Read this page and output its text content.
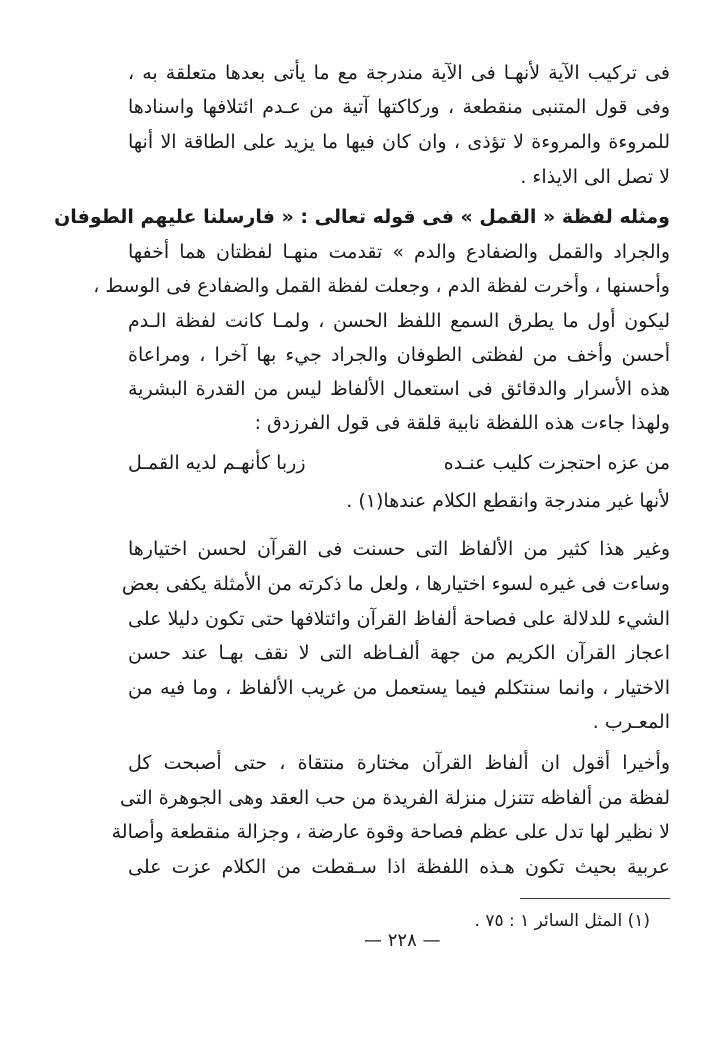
فى تركيب الآية لأنهـا فى الآية مندرجة مع ما يأتى بعدها متعلقة به ،
وفى قول المتنبى منقطعة ، وركاكتها آتية من عـدم ائتلافها واسنادها
للمروءة والمروءة لا تؤذى ، وان كان فيها ما يزيد على الطاقة الا أنها
لا تصل الى الايذاء .
ومثله لفظة « القمل » فى قوله تعالى : « فارسلنا عليهم الطوفان
والجراد والقمل والضفادع والدم » تقدمت منهـا لفظتان هما أخفها
وأحسنها ، وأخرت لفظة الدم ، وجعلت لفظة القمل والضفادع فى الوسط ،
ليكون أول ما يطرق السمع اللفظ الحسن ، ولمـا كانت لفظة الـدم
أحسن وأخف من لفظتى الطوفان والجراد جيء بها آخرا ، ومراعاة
هذه الأسرار والدقائق فى استعمال الألفاظ ليس من القدرة البشرية
ولهذا جاءت هذه اللفظة نابية قلقة فى قول الفرزدق :
من عزه احتجزت كليب عنـده
زربا كأنهـم لديه القمـل
لأنها غير مندرجة وانقطع الكلام عندها(١) .
وغير هذا كثير من الألفاظ التى حسنت فى القرآن لحسن اختيارها
وساءت فى غيره لسوء اختيارها ، ولعل ما ذكرته من الأمثلة يكفى بعض
الشيء للدلالة على فصاحة ألفاظ القرآن وائتلافها حتى تكون دليلا على
اعجاز القرآن الكريم من جهة ألفـاظه التى لا نقف بهـا عند حسن
الاختيار ، وانما سنتكلم فيما يستعمل من غريب الألفاظ ، وما فيه من
المعـرب .
وأخيرا أقول ان ألفاظ القرآن مختارة منتقاة ، حتى أصبحت كل
لفظة من ألفاظه تتنزل منزلة الفريدة من حب العقد وهى الجوهرة التى
لا نظير لها تدل على عظم فصاحة وقوة عارضة ، وجزالة منقطعة وأصالة
عربية بحيث تكون هـذه اللفظة اذا سـقطت من الكلام عزت على
(١) المثل السائر ١ : ٧٥ .
— ٢٢٨ —
